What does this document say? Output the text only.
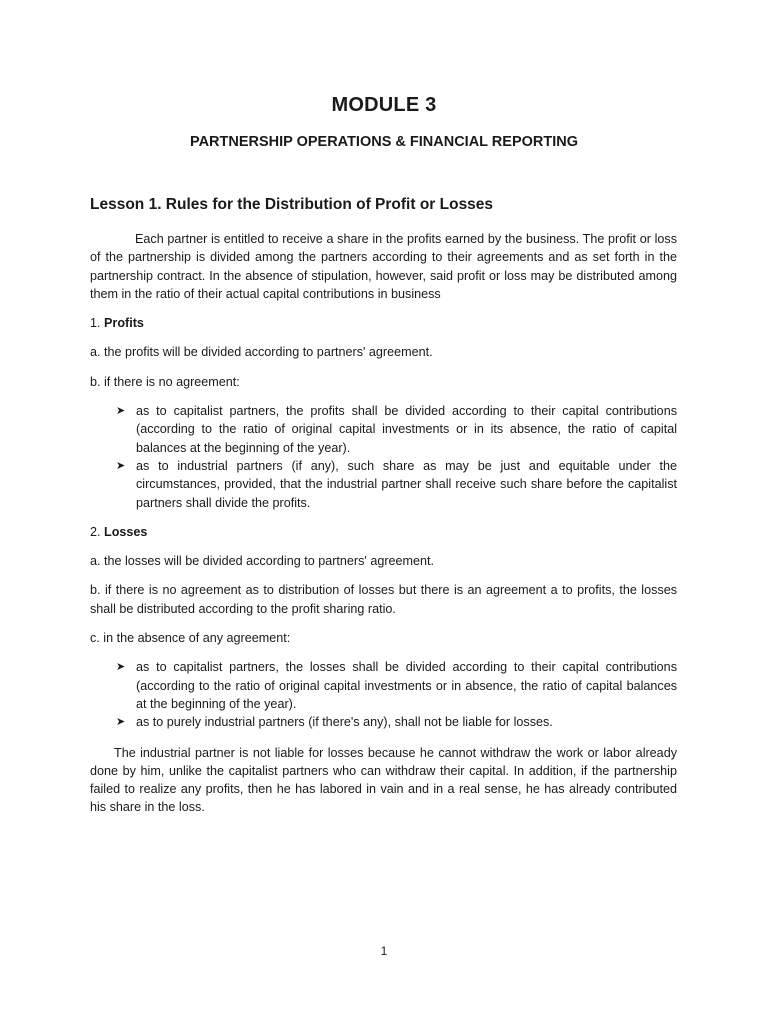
MODULE 3
PARTNERSHIP OPERATIONS & FINANCIAL REPORTING
Lesson 1. Rules for the Distribution of Profit or Losses

Each partner is entitled to receive a share in the profits earned by the business. The profit or loss of the partnership is divided among the partners according to their agreements and as set forth in the partnership contract. In the absence of stipulation, however, said profit or loss may be distributed among them in the ratio of their actual capital contributions in business

1. Profits

a. the profits will be divided according to partners' agreement.

b. if there is no agreement:

➤ as to capitalist partners, the profits shall be divided according to their capital contributions (according to the ratio of original capital investments or in its absence, the ratio of capital balances at the beginning of the year).
➤ as to industrial partners (if any), such share as may be just and equitable under the circumstances, provided, that the industrial partner shall receive such share before the capitalist partners shall divide the profits.

2. Losses

a. the losses will be divided according to partners' agreement.

b. if there is no agreement as to distribution of losses but there is an agreement a to profits, the losses shall be distributed according to the profit sharing ratio.

c. in the absence of any agreement:

➤ as to capitalist partners, the losses shall be divided according to their capital contributions (according to the ratio of original capital investments or in absence, the ratio of capital balances at the beginning of the year).
➤ as to purely industrial partners (if there's any), shall not be liable for losses.

The industrial partner is not liable for losses because he cannot withdraw the work or labor already done by him, unlike the capitalist partners who can withdraw their capital. In addition, if the partnership failed to realize any profits, then he has labored in vain and in a real sense, he has already contributed his share in the loss.

1
